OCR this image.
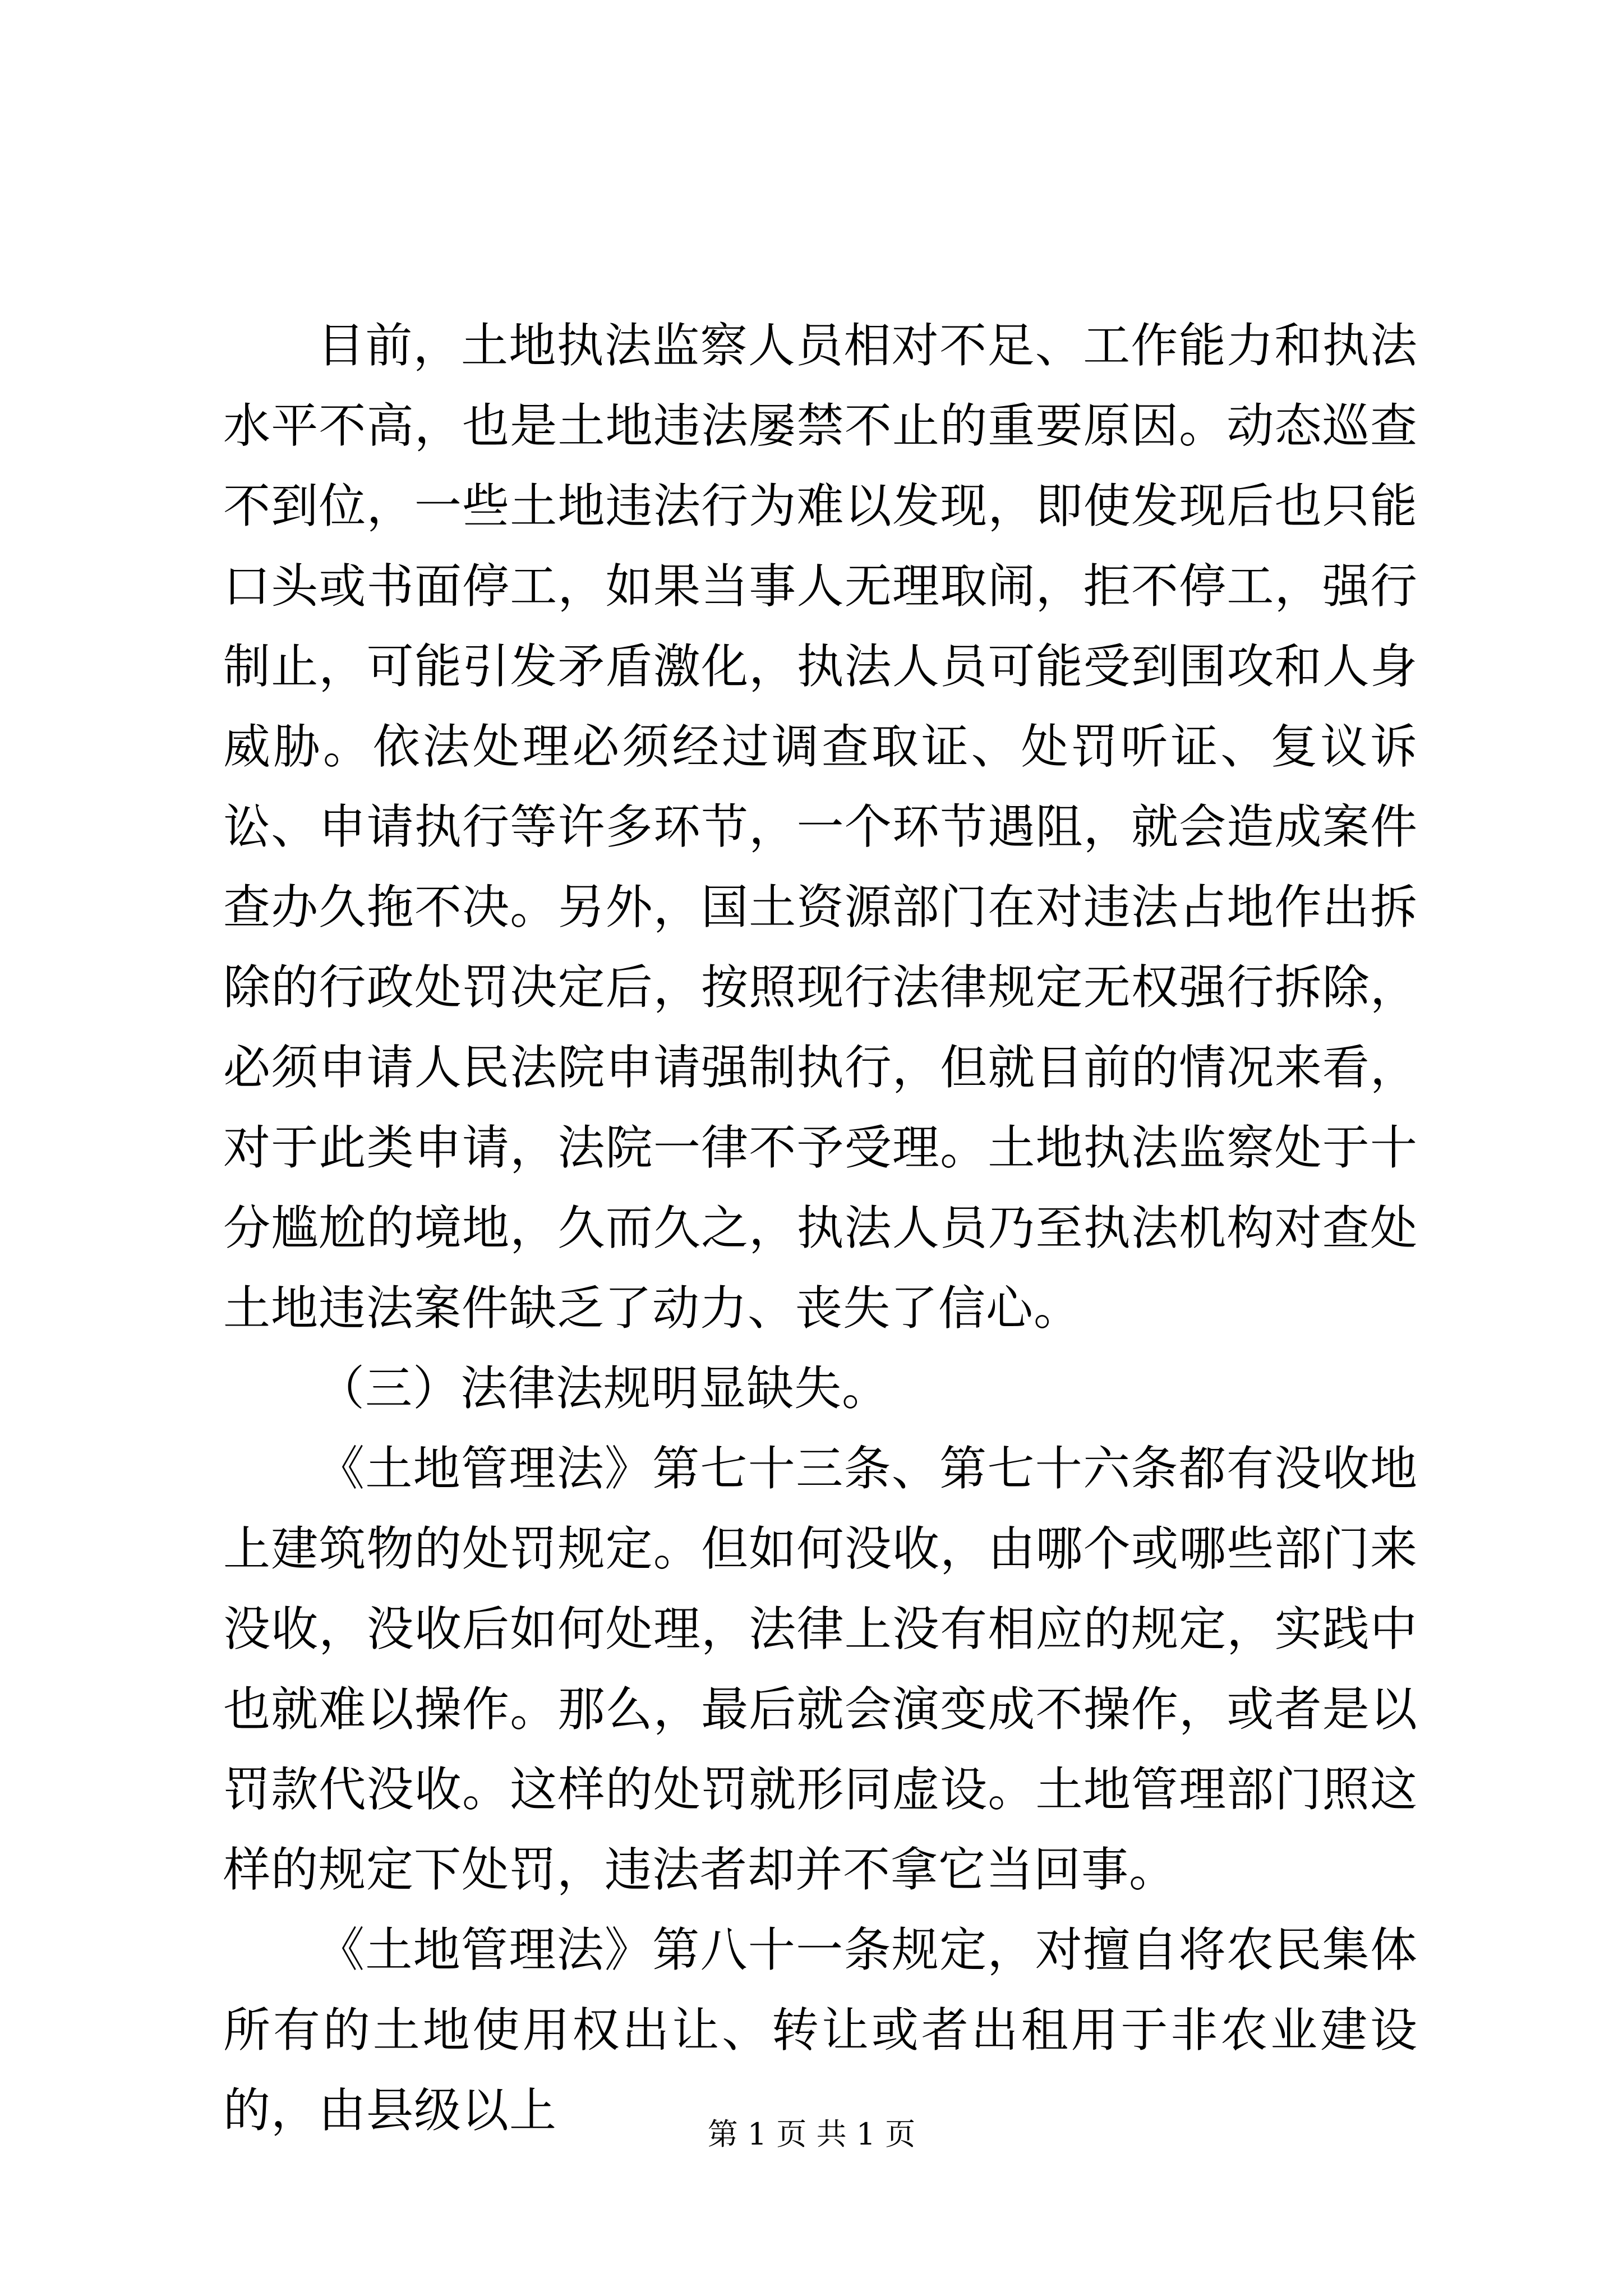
目前，土地执法监察人员相对不足、工作能力和执法水平不高，也是土地违法屡禁不止的重要原因。动态巡查不到位，一些土地违法行为难以发现，即使发现后也只能口头或书面停工，如果当事人无理取闹，拒不停工，强行制止，可能引发矛盾激化，执法人员可能受到围攻和人身威胁。依法处理必须经过调查取证、处罚听证、复议诉讼、申请执行等许多环节，一个环节遇阻，就会造成案件查办久拖不决。另外，国土资源部门在对违法占地作出拆除的行政处罚决定后，按照现行法律规定无权强行拆除，必须申请人民法院申请强制执行，但就目前的情况来看，对于此类申请，法院一律不予受理。土地执法监察处于十分尴尬的境地，久而久之，执法人员乃至执法机构对查处土地违法案件缺乏了动力、丧失了信心。

（三）法律法规明显缺失。

《土地管理法》第七十三条、第七十六条都有没收地上建筑物的处罚规定。但如何没收，由哪个或哪些部门来没收，没收后如何处理，法律上没有相应的规定，实践中也就难以操作。那么，最后就会演变成不操作，或者是以罚款代没收。这样的处罚就形同虚设。土地管理部门照这样的规定下处罚，违法者却并不拿它当回事。

《土地管理法》第八十一条规定，对擅自将农民集体所有的土地使用权出让、转让或者出租用于非农业建设的，由县级以上	第 1 页 共 1 页
